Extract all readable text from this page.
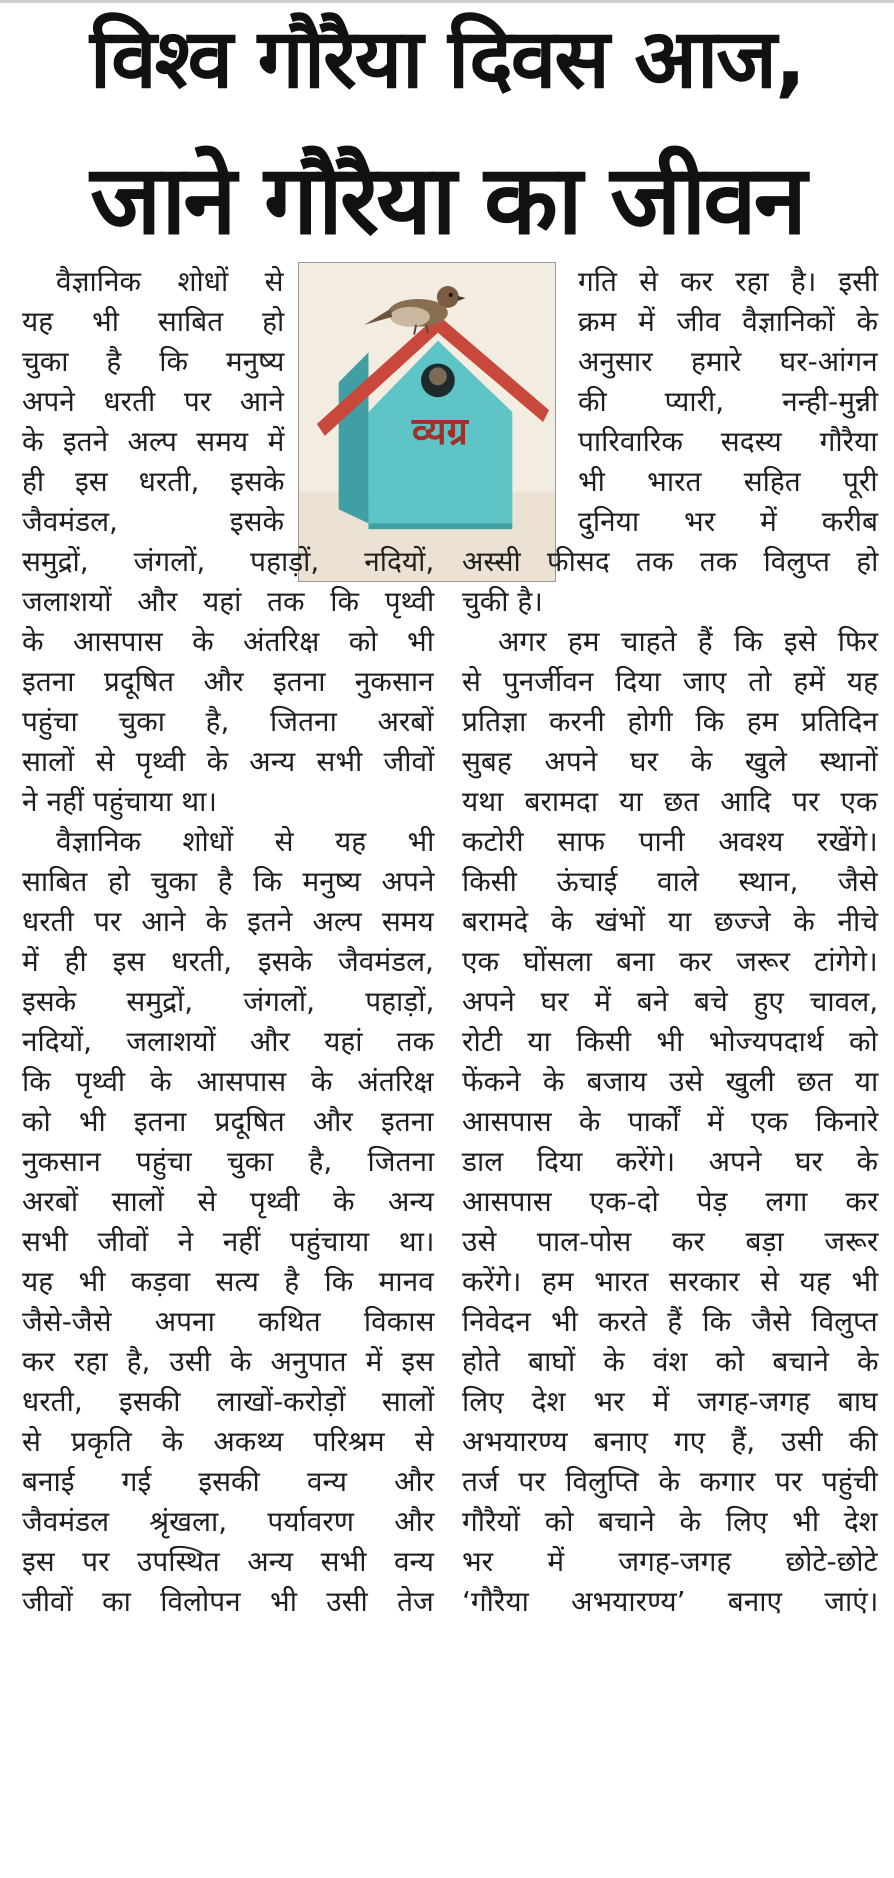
विश्व गौरैया दिवस आज,
जाने गौरैया का जीवन
व्यग्र
वैज्ञानिक शोधों से
यह भी साबित हो
चुका है कि मनुष्य
अपने धरती पर आने
के इतने अल्प समय में
ही इस धरती, इसके
जैवमंडल, इसके
समुद्रों, जंगलों, पहाड़ों, नदियों,
जलाशयों और यहां तक कि पृथ्वी
के आसपास के अंतरिक्ष को भी
इतना प्रदूषित और इतना नुकसान
पहुंचा चुका है, जितना अरबों
सालों से पृथ्वी के अन्य सभी जीवों
ने नहीं पहुंचाया था।
वैज्ञानिक शोधों से यह भी
साबित हो चुका है कि मनुष्य अपने
धरती पर आने के इतने अल्प समय
में ही इस धरती, इसके जैवमंडल,
इसके समुद्रों, जंगलों, पहाड़ों,
नदियों, जलाशयों और यहां तक
कि पृथ्वी के आसपास के अंतरिक्ष
को भी इतना प्रदूषित और इतना
नुकसान पहुंचा चुका है, जितना
अरबों सालों से पृथ्वी के अन्य
सभी जीवों ने नहीं पहुंचाया था।
यह भी कड़वा सत्य है कि मानव
जैसे-जैसे अपना कथित विकास
कर रहा है, उसी के अनुपात में इस
धरती, इसकी लाखों-करोड़ों सालों
से प्रकृति के अकथ्य परिश्रम से
बनाई गई इसकी वन्य और
जैवमंडल श्रृंखला, पर्यावरण और
इस पर उपस्थित अन्य सभी वन्य
जीवों का विलोपन भी उसी तेज
गति से कर रहा है। इसी
क्रम में जीव वैज्ञानिकों के
अनुसार हमारे घर-आंगन
की प्यारी, नन्ही-मुन्नी
पारिवारिक सदस्य गौरैया
भी भारत सहित पूरी
दुनिया भर में करीब
अस्सी फीसद तक तक विलुप्त हो
चुकी है।
अगर हम चाहते हैं कि इसे फिर
से पुनर्जीवन दिया जाए तो हमें यह
प्रतिज्ञा करनी होगी कि हम प्रतिदिन
सुबह अपने घर के खुले स्थानों
यथा बरामदा या छत आदि पर एक
कटोरी साफ पानी अवश्य रखेंगे।
किसी ऊंचाई वाले स्थान, जैसे
बरामदे के खंभों या छज्जे के नीचे
एक घोंसला बना कर जरूर टांगेगे।
अपने घर में बने बचे हुए चावल,
रोटी या किसी भी भोज्यपदार्थ को
फेंकने के बजाय उसे खुली छत या
आसपास के पार्कों में एक किनारे
डाल दिया करेंगे। अपने घर के
आसपास एक-दो पेड़ लगा कर
उसे पाल-पोस कर बड़ा जरूर
करेंगे। हम भारत सरकार से यह भी
निवेदन भी करते हैं कि जैसे विलुप्त
होते बाघों के वंश को बचाने के
लिए देश भर में जगह-जगह बाघ
अभयारण्य बनाए गए हैं, उसी की
तर्ज पर विलुप्ति के कगार पर पहुंची
गौरैयों को बचाने के लिए भी देश
भर में जगह-जगह छोटे-छोटे
‘गौरैया अभयारण्य’ बनाए जाएं।
